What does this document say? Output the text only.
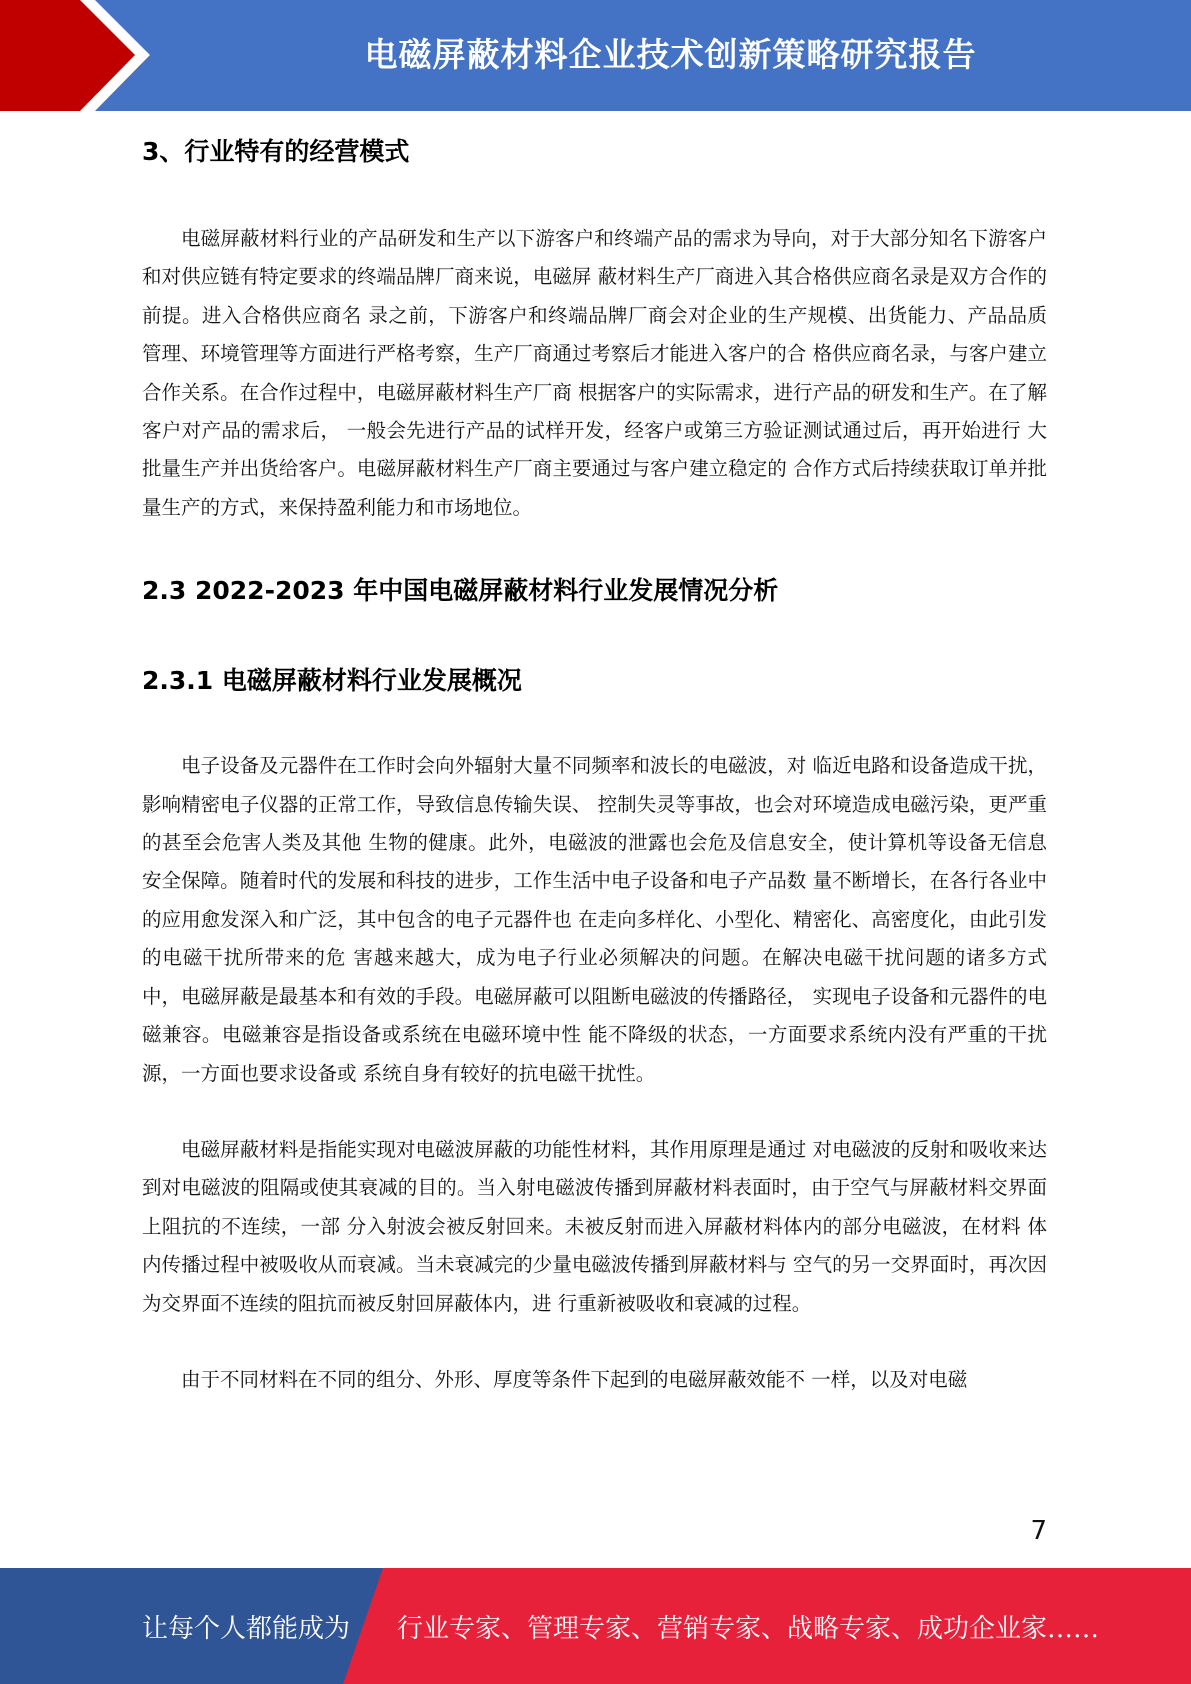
电磁屏蔽材料企业技术创新策略研究报告
3、行业特有的经营模式

电磁屏蔽材料行业的产品研发和生产以下游客户和终端产品的需求为导向，对于大部分知名下游客户和对供应链有特定要求的终端品牌厂商来说，电磁屏 蔽材料生产厂商进入其合格供应商名录是双方合作的前提。进入合格供应商名 录之前，下游客户和终端品牌厂商会对企业的生产规模、出货能力、产品品质 管理、环境管理等方面进行严格考察，生产厂商通过考察后才能进入客户的合 格供应商名录，与客户建立合作关系。在合作过程中，电磁屏蔽材料生产厂商 根据客户的实际需求，进行产品的研发和生产。在了解客户对产品的需求后， 一般会先进行产品的试样开发，经客户或第三方验证测试通过后，再开始进行 大批量生产并出货给客户。电磁屏蔽材料生产厂商主要通过与客户建立稳定的 合作方式后持续获取订单并批量生产的方式，来保持盈利能力和市场地位。

2.3 2022-2023 年中国电磁屏蔽材料行业发展情况分析
2.3.1 电磁屏蔽材料行业发展概况

电子设备及元器件在工作时会向外辐射大量不同频率和波长的电磁波，对 临近电路和设备造成干扰，影响精密电子仪器的正常工作，导致信息传输失误、 控制失灵等事故，也会对环境造成电磁污染，更严重的甚至会危害人类及其他 生物的健康。此外，电磁波的泄露也会危及信息安全，使计算机等设备无信息 安全保障。随着时代的发展和科技的进步，工作生活中电子设备和电子产品数 量不断增长，在各行各业中的应用愈发深入和广泛，其中包含的电子元器件也 在走向多样化、小型化、精密化、高密度化，由此引发的电磁干扰所带来的危 害越来越大，成为电子行业必须解决的问题。在解决电磁干扰问题的诸多方式 中，电磁屏蔽是最基本和有效的手段。电磁屏蔽可以阻断电磁波的传播路径， 实现电子设备和元器件的电磁兼容。电磁兼容是指设备或系统在电磁环境中性 能不降级的状态，一方面要求系统内没有严重的干扰源，一方面也要求设备或 系统自身有较好的抗电磁干扰性。

电磁屏蔽材料是指能实现对电磁波屏蔽的功能性材料，其作用原理是通过 对电磁波的反射和吸收来达到对电磁波的阻隔或使其衰减的目的。当入射电磁波传播到屏蔽材料表面时，由于空气与屏蔽材料交界面上阻抗的不连续，一部 分入射波会被反射回来。未被反射而进入屏蔽材料体内的部分电磁波，在材料 体内传播过程中被吸收从而衰减。当未衰减完的少量电磁波传播到屏蔽材料与 空气的另一交界面时，再次因为交界面不连续的阻抗而被反射回屏蔽体内，进 行重新被吸收和衰减的过程。

由于不同材料在不同的组分、外形、厚度等条件下起到的电磁屏蔽效能不 一样，以及对电磁

7
让每个人都能成为 行业专家、管理专家、营销专家、战略专家、成功企业家……
